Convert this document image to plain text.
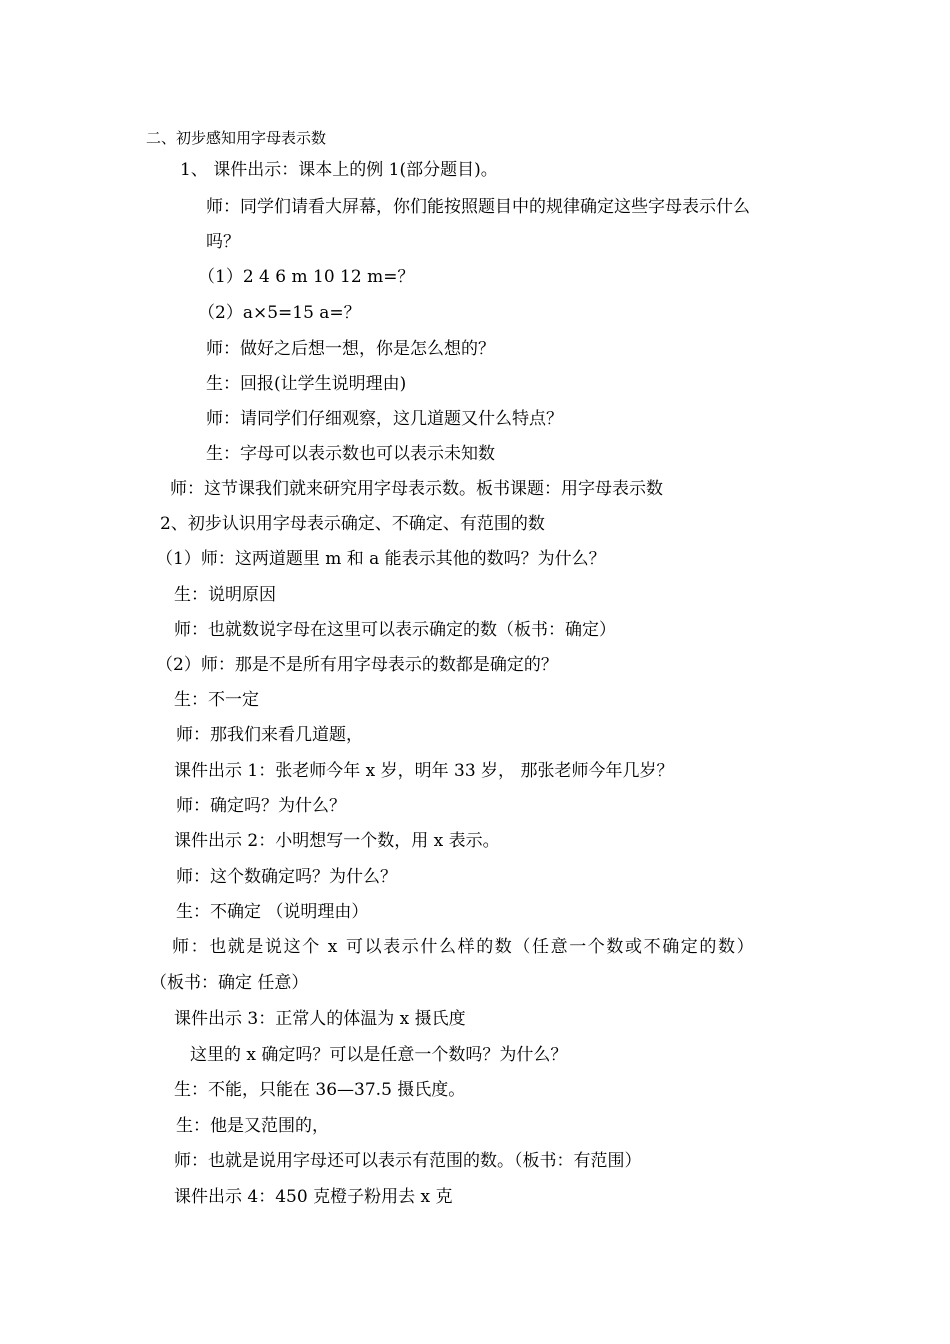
二、初步感知用字母表示数
1、 课件出示：课本上的例 1(部分题目)。
师：同学们请看大屏幕，你们能按照题目中的规律确定这些字母表示什么
吗？
（1）2 4 6 m 10 12 m=？
（2）a×5=15 a=？
师：做好之后想一想，你是怎么想的？
生：回报(让学生说明理由)
师：请同学们仔细观察，这几道题又什么特点？
生：字母可以表示数也可以表示未知数
师：这节课我们就来研究用字母表示数。板书课题：用字母表示数
2、初步认识用字母表示确定、不确定、有范围的数
（1）师：这两道题里 m 和 a 能表示其他的数吗？为什么？
生：说明原因
师：也就数说字母在这里可以表示确定的数（板书：确定）
（2）师：那是不是所有用字母表示的数都是确定的？
生：不一定
师：那我们来看几道题，
课件出示 1：张老师今年 x 岁，明年 33 岁， 那张老师今年几岁？
师：确定吗？为什么？
课件出示 2：小明想写一个数，用 x 表示。
师：这个数确定吗？为什么？
生：不确定 （说明理由）
师：也就是说这个 x 可以表示什么样的数（任意一个数或不确定的数）
（板书：确定 任意）
课件出示 3：正常人的体温为 x 摄氏度
这里的 x 确定吗？可以是任意一个数吗？为什么？
生：不能，只能在 36—37.5 摄氏度。
生：他是又范围的，
师：也就是说用字母还可以表示有范围的数。（板书：有范围）
课件出示 4：450 克橙子粉用去 x 克
